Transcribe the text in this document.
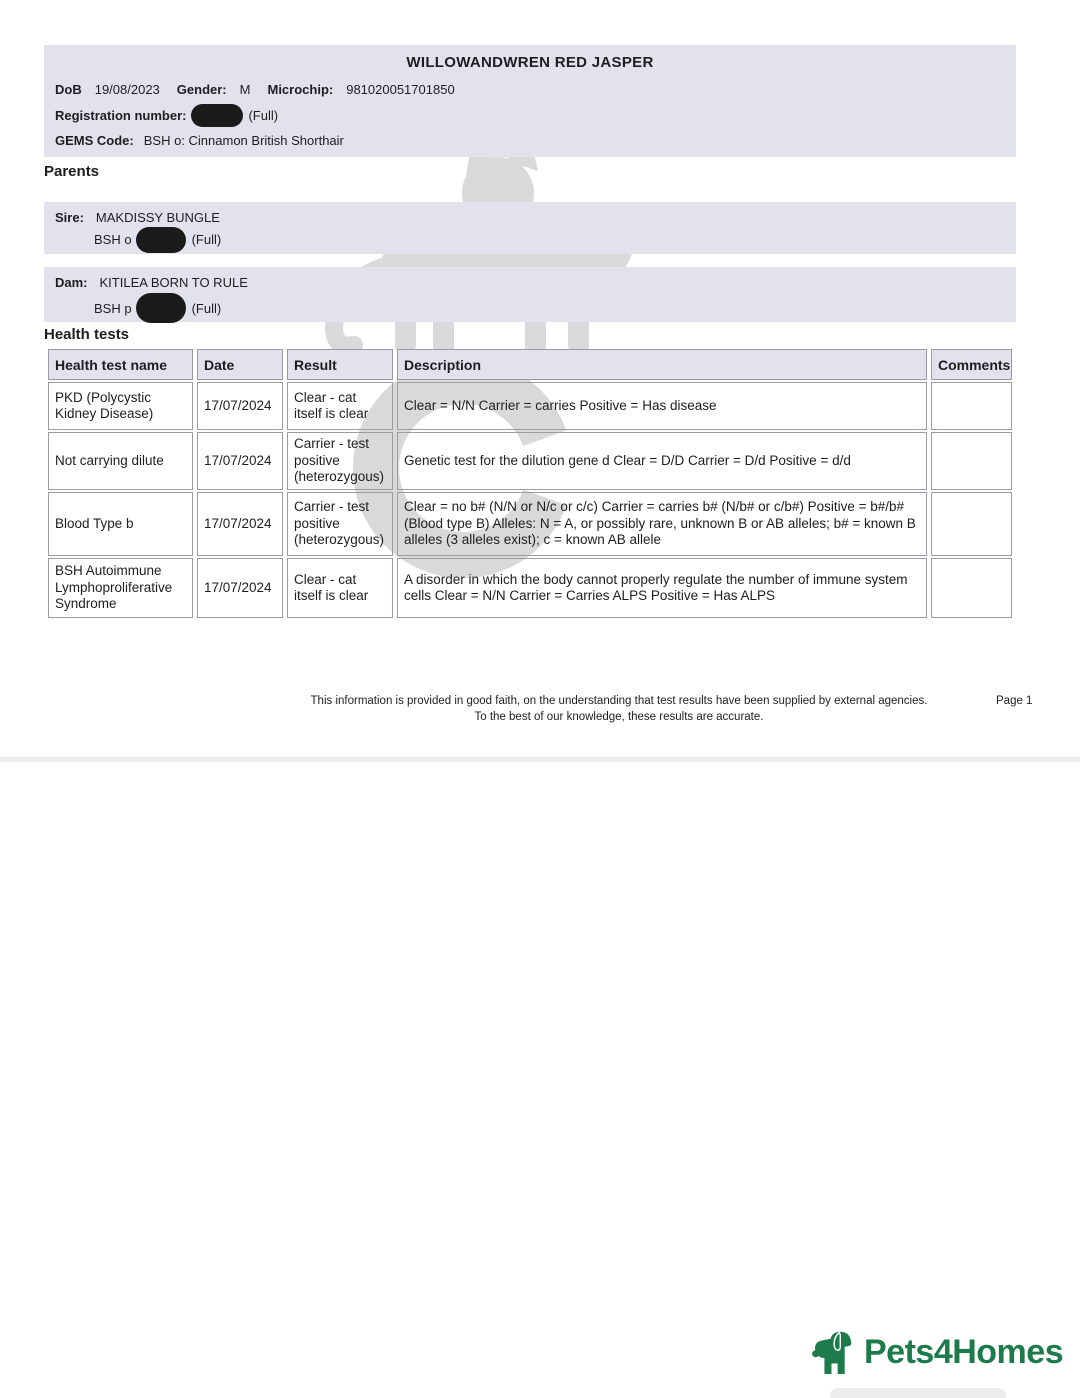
WILLOWANDWREN RED JASPER
DoB 19/08/2023 Gender: M Microchip: 981020051701850
Registration number:	(Full)
GEMS Code: BSH o: Cinnamon British Shorthair
Parents
Sire: MAKDISSY BUNGLE
BSH o	(Full)
Dam: KITILEA BORN TO RULE
BSH p	(Full)
Health tests
Health test name	Date	Result	Description	Comments
PKD (Polycystic Kidney Disease)	17/07/2024	Clear - cat itself is clear	Clear = N/N Carrier = carries Positive = Has disease	
Not carrying dilute	17/07/2024	Carrier - test positive (heterozygous)	Genetic test for the dilution gene d Clear = D/D Carrier = D/d Positive = d/d	
Blood Type b	17/07/2024	Carrier - test positive (heterozygous)	Clear = no b# (N/N or N/c or c/c) Carrier = carries b# (N/b# or c/b#) Positive = b#/b# (Blood type B) Alleles: N = A, or possibly rare, unknown B or AB alleles; b# = known B alleles (3 alleles exist); c = known AB allele	
BSH Autoimmune Lymphoproliferative Syndrome	17/07/2024	Clear - cat itself is clear	A disorder in which the body cannot properly regulate the number of immune system cells Clear = N/N Carrier = Carries ALPS Positive = Has ALPS	
This information is provided in good faith, on the understanding that test results have been supplied by external agencies.
To the best of our knowledge, these results are accurate.
Page 1
Pets4Homes
